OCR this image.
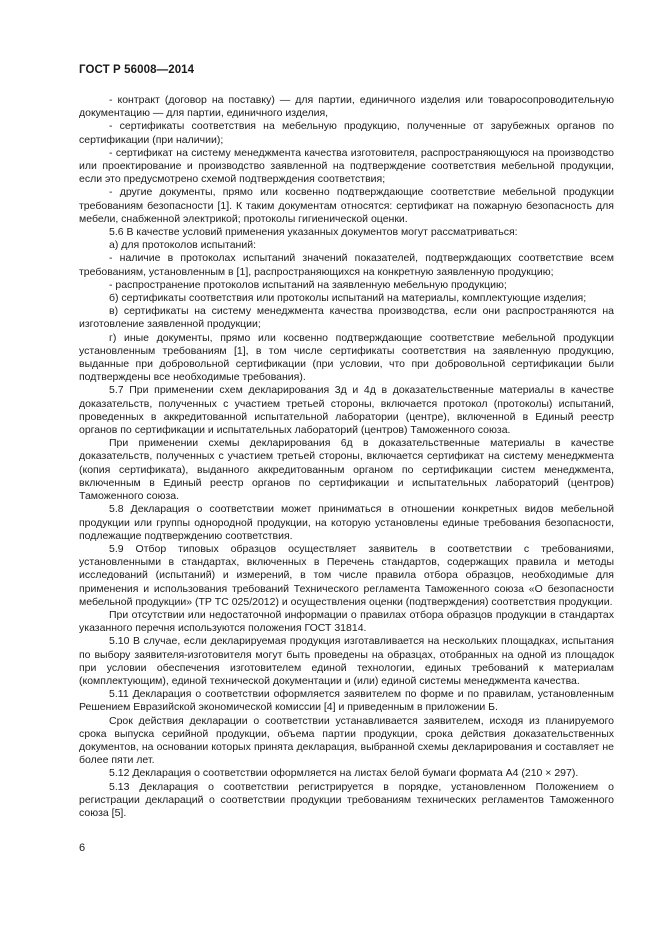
ГОСТ Р 56008—2014

- контракт (договор на поставку) — для партии, единичного изделия или товаросопроводительную документацию — для партии, единичного изделия,

- сертификаты соответствия на мебельную продукцию, полученные от зарубежных органов по сертификации (при наличии);

- сертификат на систему менеджмента качества изготовителя, распространяющуюся на производство или проектирование и производство заявленной на подтверждение соответствия мебельной продукции, если это предусмотрено схемой подтверждения соответствия;

- другие документы, прямо или косвенно подтверждающие соответствие мебельной продукции требованиям безопасности [1]. К таким документам относятся: сертификат на пожарную безопасность для мебели, снабженной электрикой; протоколы гигиенической оценки.

5.6 В качестве условий применения указанных документов могут рассматриваться:

а) для протоколов испытаний:

- наличие в протоколах испытаний значений показателей, подтверждающих соответствие всем требованиям, установленным в [1], распространяющихся на конкретную заявленную продукцию;

- распространение протоколов испытаний на заявленную мебельную продукцию;

б) сертификаты соответствия или протоколы испытаний на материалы, комплектующие изделия;

в) сертификаты на систему менеджмента качества производства, если они распространяются на изготовление заявленной продукции;

г) иные документы, прямо или косвенно подтверждающие соответствие мебельной продукции установленным требованиям [1], в том числе сертификаты соответствия на заявленную продукцию, выданные при добровольной сертификации (при условии, что при добровольной сертификации были подтверждены все необходимые требования).

5.7 При применении схем декларирования 3д и 4д в доказательственные материалы в качестве доказательств, полученных с участием третьей стороны, включается протокол (протоколы) испытаний, проведенных в аккредитованной испытательной лаборатории (центре), включенной в Единый реестр органов по сертификации и испытательных лабораторий (центров) Таможенного союза.

При применении схемы декларирования 6д в доказательственные материалы в качестве доказательств, полученных с участием третьей стороны, включается сертификат на систему менеджмента (копия сертификата), выданного аккредитованным органом по сертификации систем менеджмента, включенным в Единый реестр органов по сертификации и испытательных лабораторий (центров) Таможенного союза.

5.8 Декларация о соответствии может приниматься в отношении конкретных видов мебельной продукции или группы однородной продукции, на которую установлены единые требования безопасности, подлежащие подтверждению соответствия.

5.9 Отбор типовых образцов осуществляет заявитель в соответствии с требованиями, установленными в стандартах, включенных в Перечень стандартов, содержащих правила и методы исследований (испытаний) и измерений, в том числе правила отбора образцов, необходимые для применения и использования требований Технического регламента Таможенного союза «О безопасности мебельной продукции» (ТР ТС 025/2012) и осуществления оценки (подтверждения) соответствия продукции.

При отсутствии или недостаточной информации о правилах отбора образцов продукции в стандартах указанного перечня используются положения ГОСТ 31814.

5.10 В случае, если декларируемая продукция изготавливается на нескольких площадках, испытания по выбору заявителя-изготовителя могут быть проведены на образцах, отобранных на одной из площадок при условии обеспечения изготовителем единой технологии, единых требований к материалам (комплектующим), единой технической документации и (или) единой системы менеджмента качества.

5.11 Декларация о соответствии оформляется заявителем по форме и по правилам, установленным Решением Евразийской экономической комиссии [4] и приведенным в приложении Б.

Срок действия декларации о соответствии устанавливается заявителем, исходя из планируемого срока выпуска серийной продукции, объема партии продукции, срока действия доказательственных документов, на основании которых принята декларация, выбранной схемы декларирования и составляет не более пяти лет.

5.12 Декларация о соответствии оформляется на листах белой бумаги формата А4 (210 × 297).

5.13 Декларация о соответствии регистрируется в порядке, установленном Положением о регистрации деклараций о соответствии продукции требованиям технических регламентов Таможенного союза [5].

6
